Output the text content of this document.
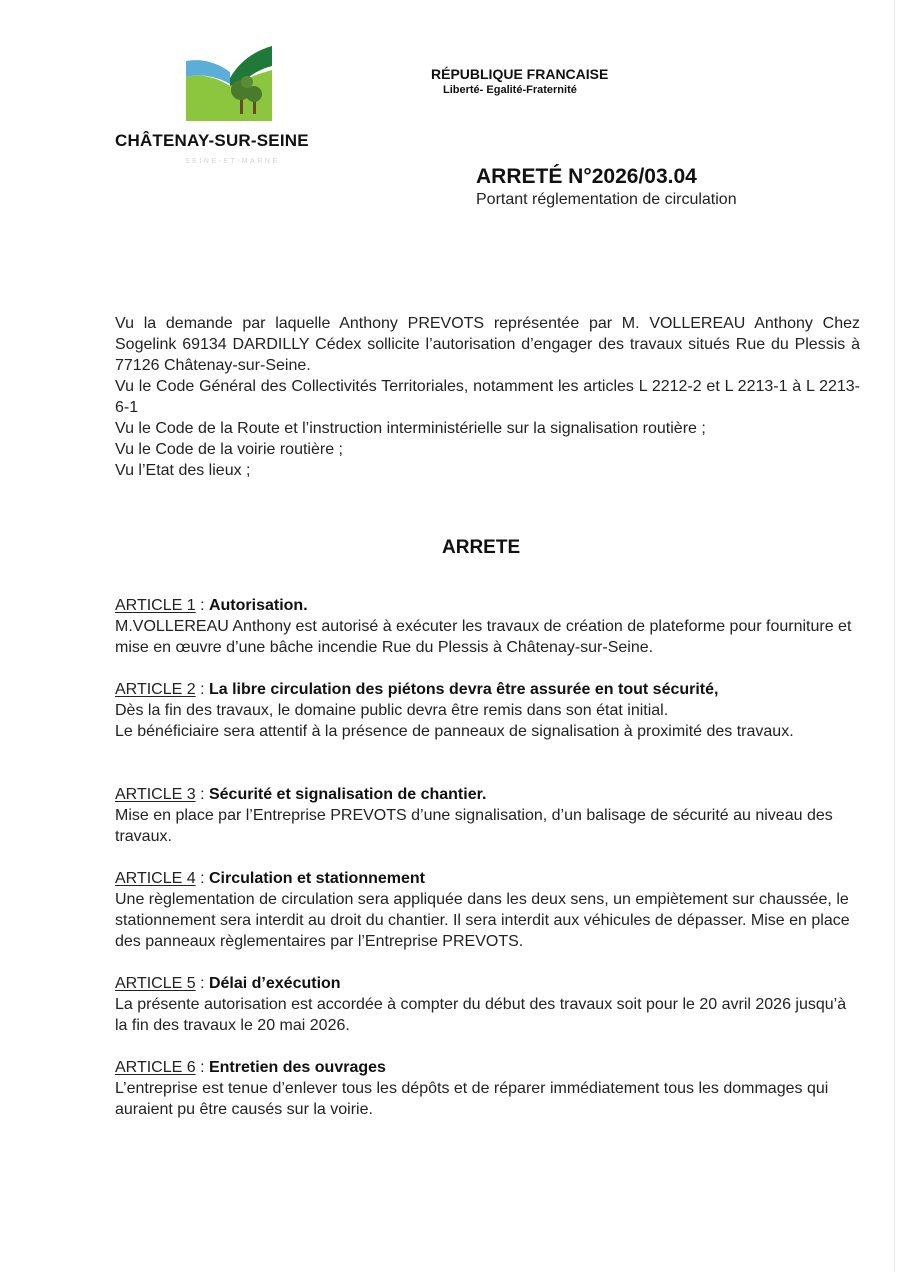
CHÂTENAY-SUR-SEINE
SEINE-ET-MARNE
RÉPUBLIQUE FRANCAISE
Liberté- Egalité-Fraternité
ARRETÉ N°2026/03.04
Portant réglementation de circulation

Vu la demande par laquelle Anthony PREVOTS représentée par M. VOLLEREAU Anthony Chez Sogelink 69134 DARDILLY Cédex sollicite l’autorisation d’engager des travaux situés Rue du Plessis à 77126 Châtenay-sur-Seine.

Vu le Code Général des Collectivités Territoriales, notamment les articles L 2212-2 et L 2213-1 à L 2213-6-1

Vu le Code de la Route et l’instruction interministérielle sur la signalisation routière ;

Vu le Code de la voirie routière ;

Vu l’Etat des lieux ;

ARRETE

ARTICLE 1 : Autorisation.

M.VOLLEREAU Anthony est autorisé à exécuter les travaux de création de plateforme pour fourniture et mise en œuvre d’une bâche incendie Rue du Plessis à Châtenay-sur-Seine.

ARTICLE 2 : La libre circulation des piétons devra être assurée en tout sécurité,

Dès la fin des travaux, le domaine public devra être remis dans son état initial.

Le bénéficiaire sera attentif à la présence de panneaux de signalisation à proximité des travaux.

ARTICLE 3 : Sécurité et signalisation de chantier.

Mise en place par l’Entreprise PREVOTS d’une signalisation, d’un balisage de sécurité au niveau des travaux.

ARTICLE 4 : Circulation et stationnement

Une règlementation de circulation sera appliquée dans les deux sens, un empiètement sur chaussée, le stationnement sera interdit au droit du chantier. Il sera interdit aux véhicules de dépasser. Mise en place des panneaux règlementaires par l’Entreprise PREVOTS.

ARTICLE 5 : Délai d’exécution

La présente autorisation est accordée à compter du début des travaux soit pour le 20 avril 2026 jusqu’à la fin des travaux le 20 mai 2026.

ARTICLE 6 : Entretien des ouvrages

L’entreprise est tenue d’enlever tous les dépôts et de réparer immédiatement tous les dommages qui auraient pu être causés sur la voirie.
